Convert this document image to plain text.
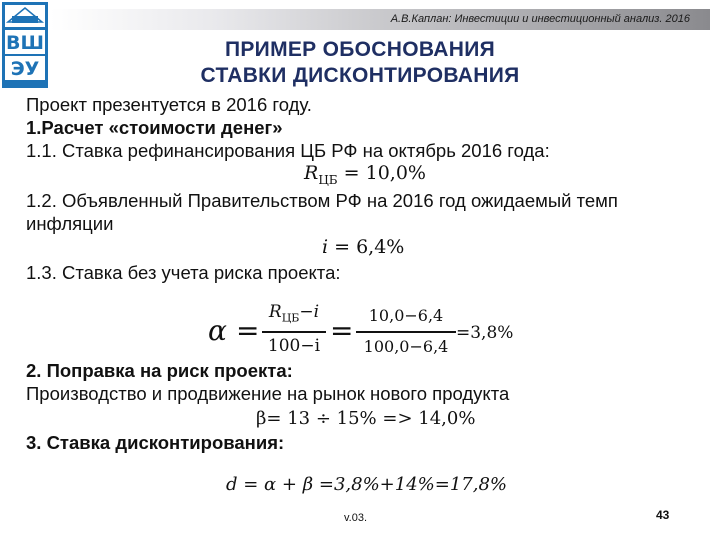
А.В.Каплан: Инвестиции и инвестиционный анализ. 2016
ВШ
ЭУ
ПРИМЕР ОБОСНОВАНИЯ
СТАВКИ ДИСКОНТИРОВАНИЯ
Проект презентуется в 2016 году.
1.Расчет «стоимости денег»
1.1. Ставка рефинансирования ЦБ РФ на октябрь 2016 года:
$R_{ЦБ} = 10,0\%$
1.2. Объявленный Правительством РФ на 2016 год ожидаемый темп
инфляции
i = 6,4%
1.3. Ставка без учета риска проекта:
α =
$R_{ЦБ}-i$
100−i = 10,0−6,4
100,0−6,4
=3,8%
2. Поправка на риск проекта:
Производство и продвижение на рынок нового продукта
β= 13 ÷ 15% => 14,0%
3. Ставка дисконтирования:
d = α + β =3,8%+14%=17,8%
v.03.	43
